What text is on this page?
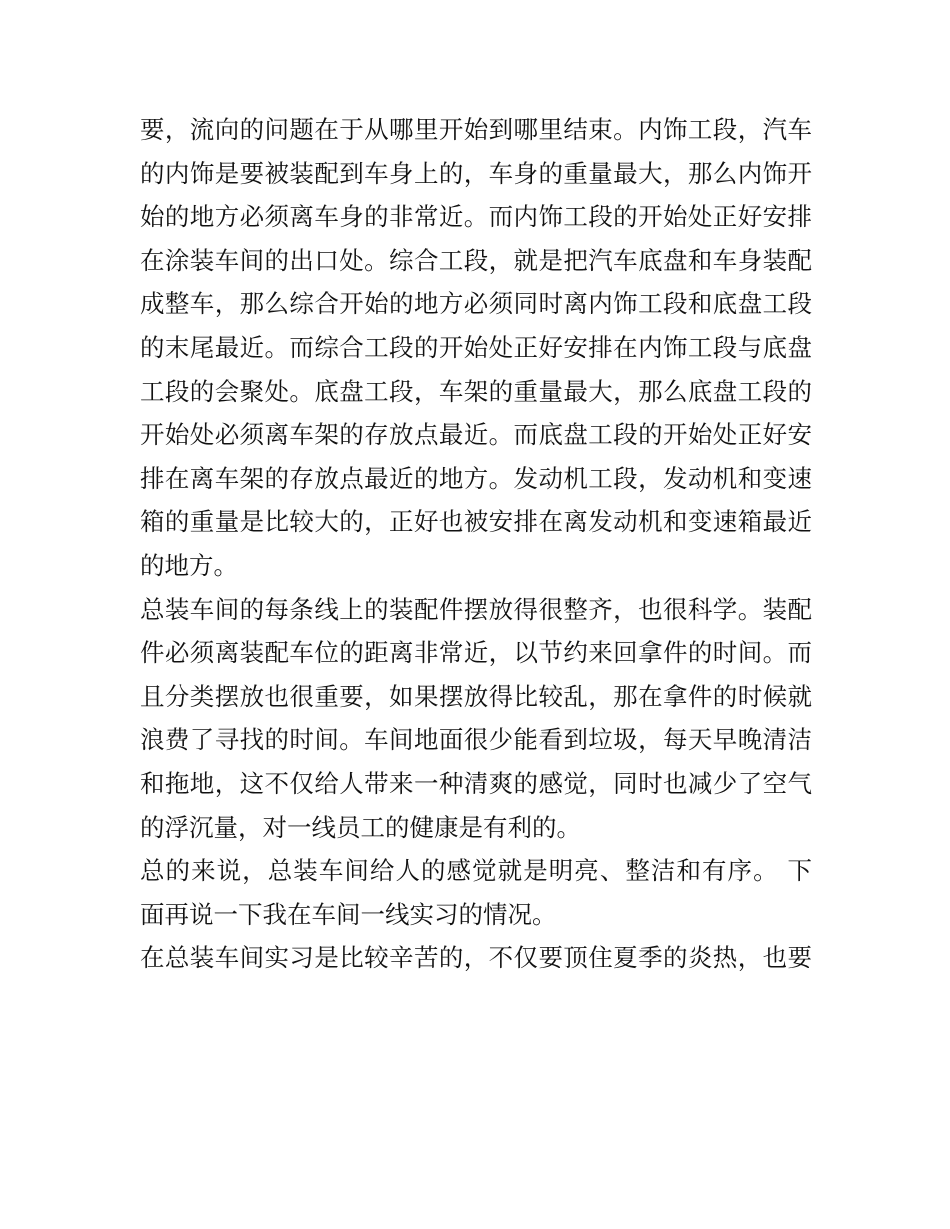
要，流向的问题在于从哪里开始到哪里结束。内饰工段，汽车
的内饰是要被装配到车身上的，车身的重量最大，那么内饰开
始的地方必须离车身的非常近。而内饰工段的开始处正好安排
在涂装车间的出口处。综合工段，就是把汽车底盘和车身装配
成整车，那么综合开始的地方必须同时离内饰工段和底盘工段
的末尾最近。而综合工段的开始处正好安排在内饰工段与底盘
工段的会聚处。底盘工段，车架的重量最大，那么底盘工段的
开始处必须离车架的存放点最近。而底盘工段的开始处正好安
排在离车架的存放点最近的地方。发动机工段，发动机和变速
箱的重量是比较大的，正好也被安排在离发动机和变速箱最近
的地方。
总装车间的每条线上的装配件摆放得很整齐，也很科学。装配
件必须离装配车位的距离非常近，以节约来回拿件的时间。而
且分类摆放也很重要，如果摆放得比较乱，那在拿件的时候就
浪费了寻找的时间。车间地面很少能看到垃圾，每天早晚清洁
和拖地，这不仅给人带来一种清爽的感觉，同时也减少了空气
的浮沉量，对一线员工的健康是有利的。
总的来说，总装车间给人的感觉就是明亮、整洁和有序。 下
面再说一下我在车间一线实习的情况。
在总装车间实习是比较辛苦的，不仅要顶住夏季的炎热，也要
